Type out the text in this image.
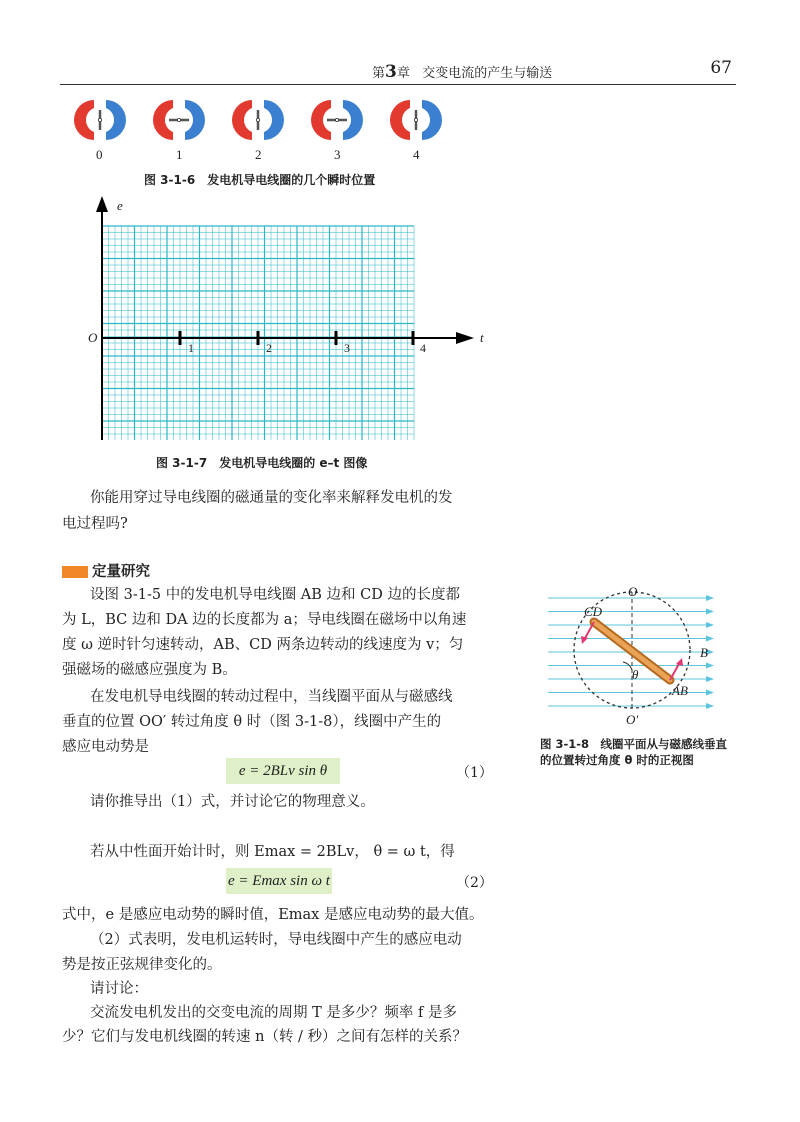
第3章 交变电流的产生与输送	67
0	1	2	3	4
图 3-1-6　发电机导电线圈的几个瞬时位置
e
t
O
1	2	3	4
图 3-1-7　发电机导电线圈的 e–t 图像
你能用穿过导电线圈的磁通量的变化率来解释发电机的发
电过程吗?
定量研究
设图 3-1-5 中的发电机导电线圈 AB 边和 CD 边的长度都
为 L，BC 边和 DA 边的长度都为 a；导电线圈在磁场中以角速
度 ω 逆时针匀速转动，AB、CD 两条边转动的线速度为 v；匀
强磁场的磁感应强度为 B。
在发电机导电线圈的转动过程中，当线圈平面从与磁感线
垂直的位置 OO′ 转过角度 θ 时（图 3-1-8），线圈中产生的
感应电动势是
e = 2BLv sin θ	（1）
请你推导出（1）式，并讨论它的物理意义。
若从中性面开始计时，则 Emax = 2BLv， θ = ω t，得
e = Emax sin ω t	（2）
式中，e 是感应电动势的瞬时值，Emax 是感应电动势的最大值。
（2）式表明，发电机运转时，导电线圈中产生的感应电动
势是按正弦规律变化的。
请讨论：
交流发电机发出的交变电流的周期 T 是多少？频率 f 是多
少？它们与发电机线圈的转速 n（转 / 秒）之间有怎样的关系？
O
O′
CD
AB
B
θ
图 3-1-8　线圈平面从与磁感线垂直
的位置转过角度 θ 时的正视图
